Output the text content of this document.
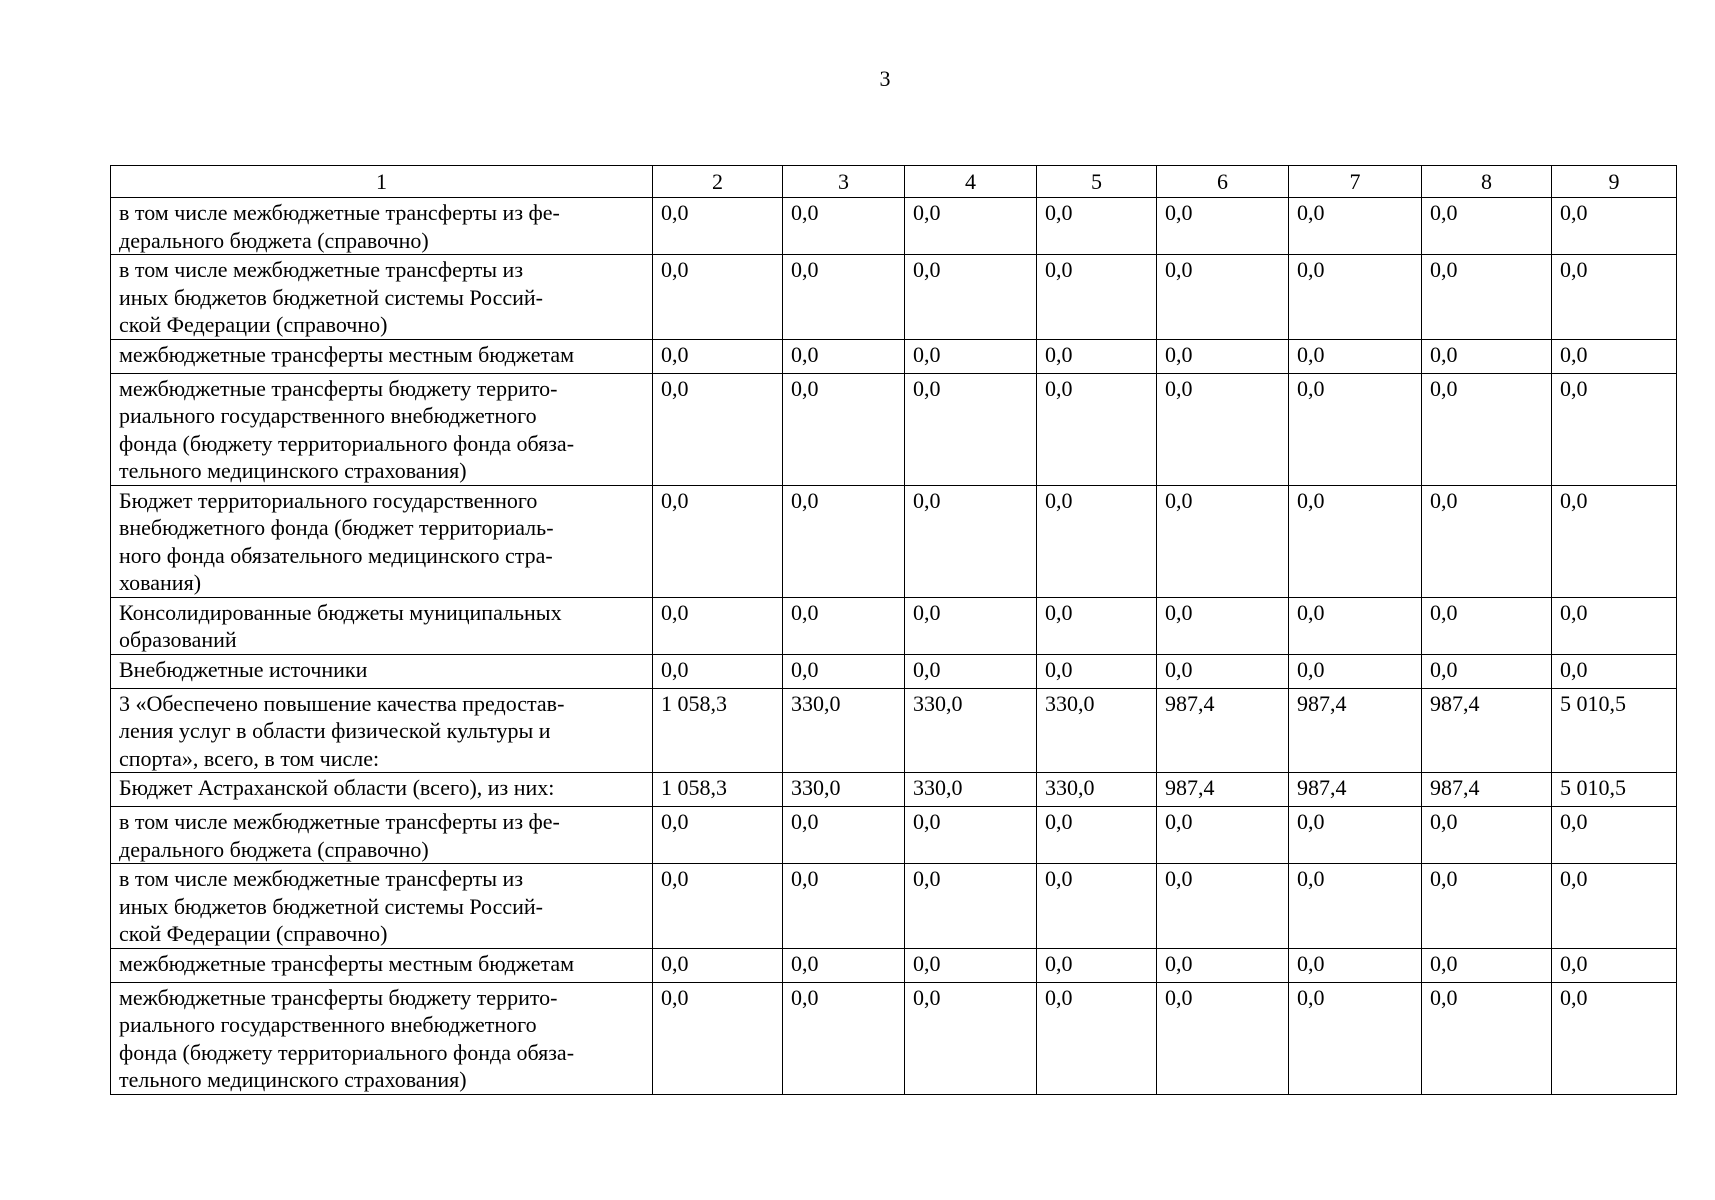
3
1	2	3	4	5	6	7	8	9
в том числе межбюджетные трансферты из фе-
дерального бюджета (справочно)	0,0	0,0	0,0	0,0	0,0	0,0	0,0	0,0
в том числе межбюджетные трансферты из
иных бюджетов бюджетной системы Россий-
ской Федерации (справочно)	0,0	0,0	0,0	0,0	0,0	0,0	0,0	0,0
межбюджетные трансферты местным бюджетам	0,0	0,0	0,0	0,0	0,0	0,0	0,0	0,0
межбюджетные трансферты бюджету террито-
риального государственного внебюджетного
фонда (бюджету территориального фонда обяза-
тельного медицинского страхования)	0,0	0,0	0,0	0,0	0,0	0,0	0,0	0,0
Бюджет территориального государственного
внебюджетного фонда (бюджет территориаль-
ного фонда обязательного медицинского стра-
хования)	0,0	0,0	0,0	0,0	0,0	0,0	0,0	0,0
Консолидированные бюджеты муниципальных
образований	0,0	0,0	0,0	0,0	0,0	0,0	0,0	0,0
Внебюджетные источники	0,0	0,0	0,0	0,0	0,0	0,0	0,0	0,0
3 «Обеспечено повышение качества предостав-
ления услуг в области физической культуры и
спорта», всего, в том числе:	1 058,3	330,0	330,0	330,0	987,4	987,4	987,4	5 010,5
Бюджет Астраханской области (всего), из них:	1 058,3	330,0	330,0	330,0	987,4	987,4	987,4	5 010,5
в том числе межбюджетные трансферты из фе-
дерального бюджета (справочно)	0,0	0,0	0,0	0,0	0,0	0,0	0,0	0,0
в том числе межбюджетные трансферты из
иных бюджетов бюджетной системы Россий-
ской Федерации (справочно)	0,0	0,0	0,0	0,0	0,0	0,0	0,0	0,0
межбюджетные трансферты местным бюджетам	0,0	0,0	0,0	0,0	0,0	0,0	0,0	0,0
межбюджетные трансферты бюджету террито-
риального государственного внебюджетного
фонда (бюджету территориального фонда обяза-
тельного медицинского страхования)	0,0	0,0	0,0	0,0	0,0	0,0	0,0	0,0
